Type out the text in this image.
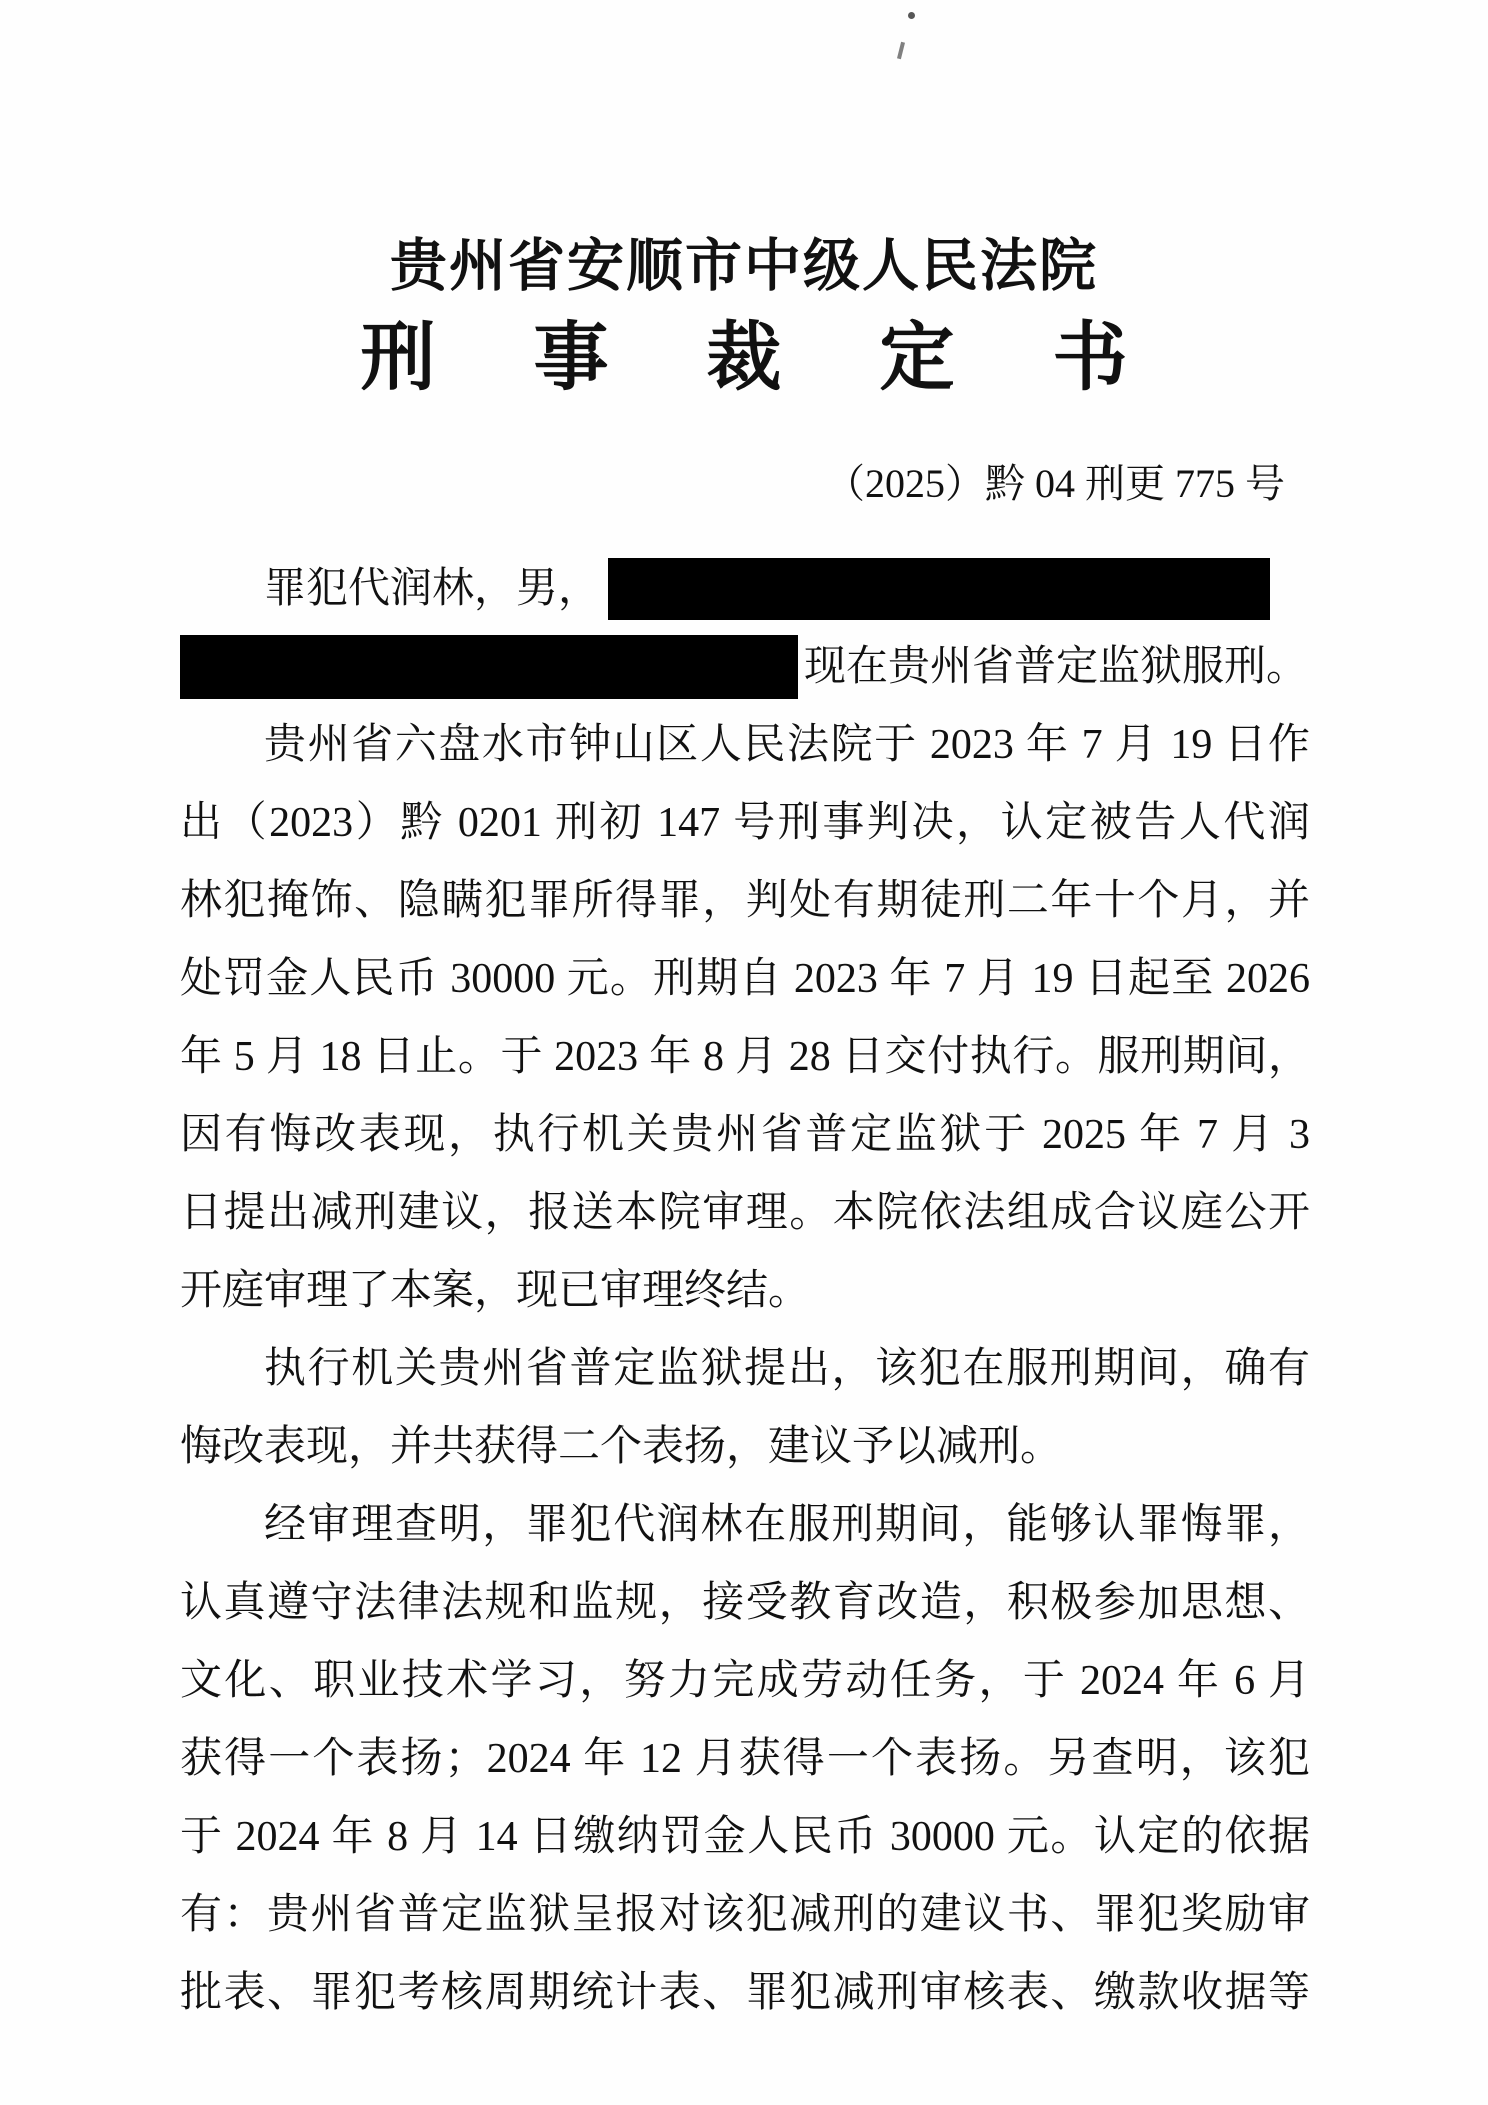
贵州省安顺市中级人民法院
刑 事 裁 定 书
（2025）黔 04 刑更 775 号
罪犯代润林，男，
现在贵州省普定监狱服刑。
贵州省六盘水市钟山区人民法院于 2023 年 7 月 19 日作
出（2023）黔 0201 刑初 147 号刑事判决，认定被告人代润
林犯掩饰、隐瞒犯罪所得罪，判处有期徒刑二年十个月，并
处罚金人民币 30000 元。刑期自 2023 年 7 月 19 日起至 2026
年 5 月 18 日止。于 2023 年 8 月 28 日交付执行。服刑期间，
因有悔改表现，执行机关贵州省普定监狱于 2025 年 7 月 3
日提出减刑建议，报送本院审理。本院依法组成合议庭公开
开庭审理了本案，现已审理终结。
执行机关贵州省普定监狱提出，该犯在服刑期间，确有
悔改表现，并共获得二个表扬，建议予以减刑。
经审理查明，罪犯代润林在服刑期间，能够认罪悔罪，
认真遵守法律法规和监规，接受教育改造，积极参加思想、
文化、职业技术学习，努力完成劳动任务，于 2024 年 6 月
获得一个表扬；2024 年 12 月获得一个表扬。另查明，该犯
于 2024 年 8 月 14 日缴纳罚金人民币 30000 元。认定的依据
有：贵州省普定监狱呈报对该犯减刑的建议书、罪犯奖励审
批表、罪犯考核周期统计表、罪犯减刑审核表、缴款收据等
